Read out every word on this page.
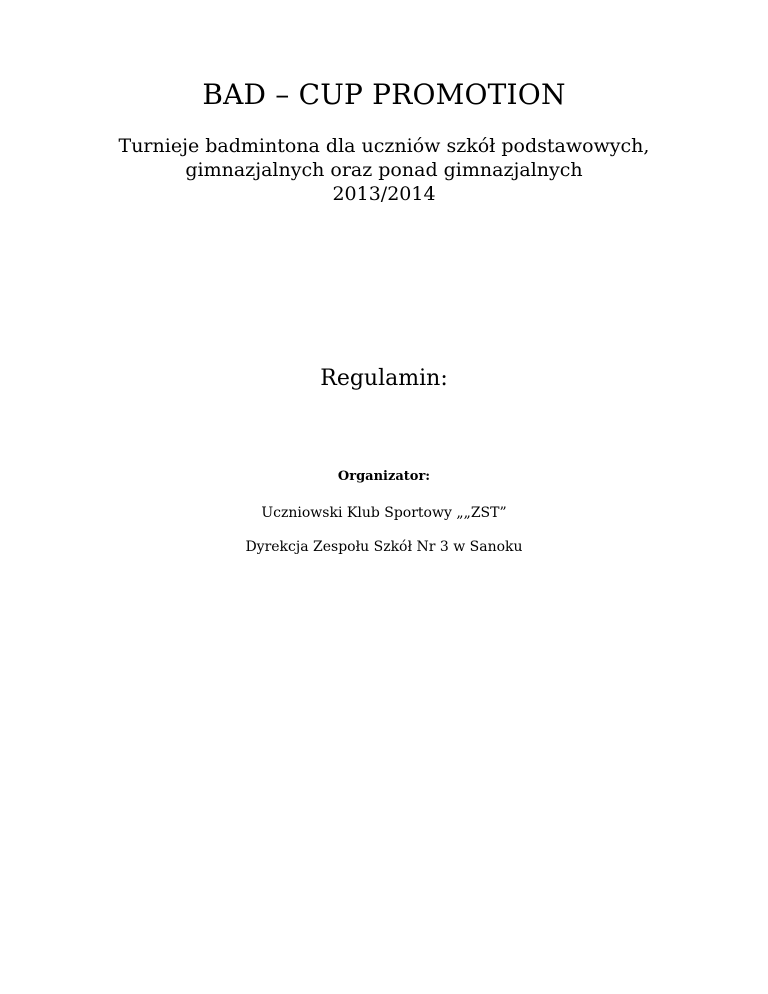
BAD – CUP PROMOTION
Turnieje badmintona dla uczniów szkół podstawowych,
gimnazjalnych oraz ponad gimnazjalnych
2013/2014
Regulamin:
Organizator:
Uczniowski Klub Sportowy „„ZST”
Dyrekcja Zespołu Szkół Nr 3 w Sanoku
